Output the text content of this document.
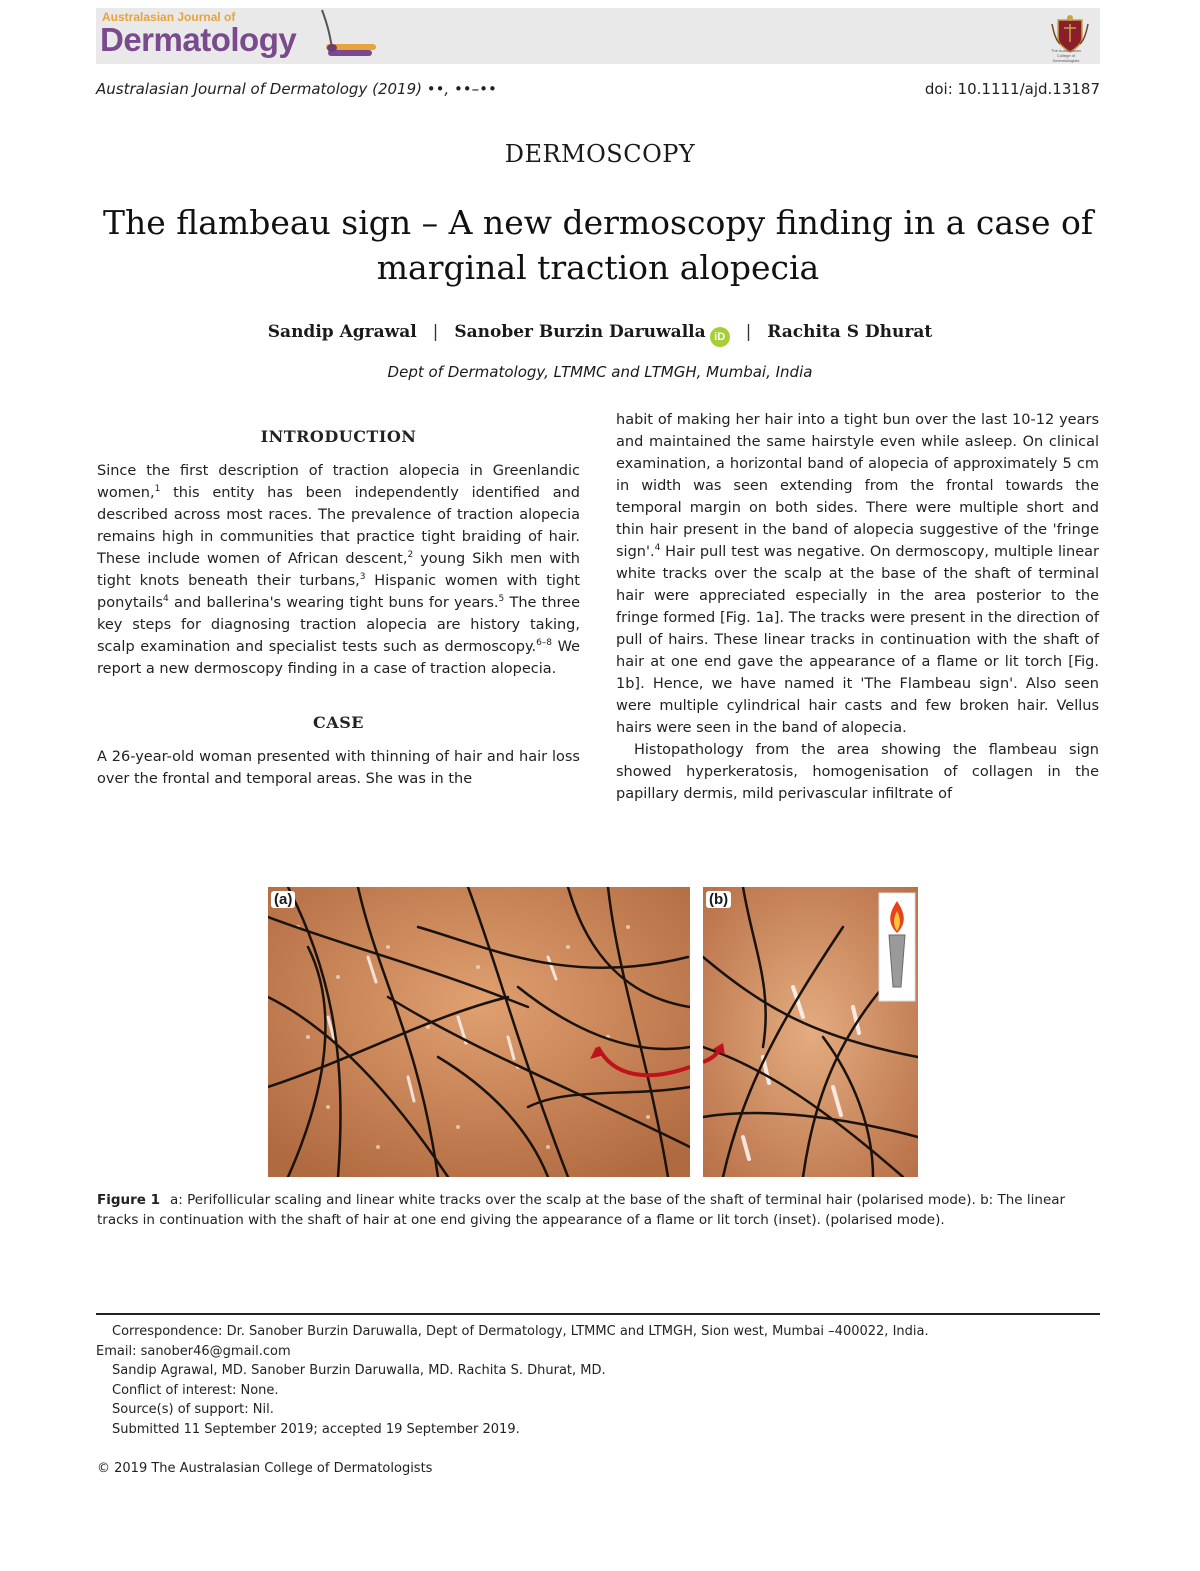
Australasian Journal of
Dermatology	The Australasian College of Dermatologists
Australasian Journal of Dermatology (2019) ••, ••–••	doi: 10.1111/ajd.13187
DERMOSCOPY
The flambeau sign – A new dermoscopy finding in a case of marginal traction alopecia
Sandip Agrawal | Sanober Burzin Daruwalla iD | Rachita S Dhurat
Dept of Dermatology, LTMMC and LTMGH, Mumbai, India
INTRODUCTION

Since the first description of traction alopecia in Greenlandic women,$^1$ this entity has been independently identified and described across most races. The prevalence of traction alopecia remains high in communities that practice tight braiding of hair. These include women of African descent,$^2$ young Sikh men with tight knots beneath their turbans,$^3$ Hispanic women with tight ponytails$^4$ and ballerina's wearing tight buns for years.$^5$ The three key steps for diagnosing traction alopecia are history taking, scalp examination and specialist tests such as dermoscopy.$^{6-8}$ We report a new dermoscopy finding in a case of traction alopecia.

CASE

A 26-year-old woman presented with thinning of hair and hair loss over the frontal and temporal areas. She was in the

habit of making her hair into a tight bun over the last 10-12 years and maintained the same hairstyle even while asleep. On clinical examination, a horizontal band of alopecia of approximately 5 cm in width was seen extending from the frontal towards the temporal margin on both sides. There were multiple short and thin hair present in the band of alopecia suggestive of the 'fringe sign'.$^4$ Hair pull test was negative. On dermoscopy, multiple linear white tracks over the scalp at the base of the shaft of terminal hair were appreciated especially in the area posterior to the fringe formed [Fig. 1a]. The tracks were present in the direction of pull of hairs. These linear tracks in continuation with the shaft of hair at one end gave the appearance of a flame or lit torch [Fig. 1b]. Hence, we have named it 'The Flambeau sign'. Also seen were multiple cylindrical hair casts and few broken hair. Vellus hairs were seen in the band of alopecia.

Histopathology from the area showing the flambeau sign showed hyperkeratosis, homogenisation of collagen in the papillary dermis, mild perivascular infiltrate of

(a)	(b)
Figure 1 a: Perifollicular scaling and linear white tracks over the scalp at the base of the shaft of terminal hair (polarised mode). b: The linear tracks in continuation with the shaft of hair at one end giving the appearance of a flame or lit torch (inset). (polarised mode).
Correspondence: Dr. Sanober Burzin Daruwalla, Dept of Dermatology, LTMMC and LTMGH, Sion west, Mumbai –400022, India.
Email: sanober46@gmail.com
Sandip Agrawal, MD. Sanober Burzin Daruwalla, MD. Rachita S. Dhurat, MD.
Conflict of interest: None.
Source(s) of support: Nil.
Submitted 11 September 2019; accepted 19 September 2019.
© 2019 The Australasian College of Dermatologists
